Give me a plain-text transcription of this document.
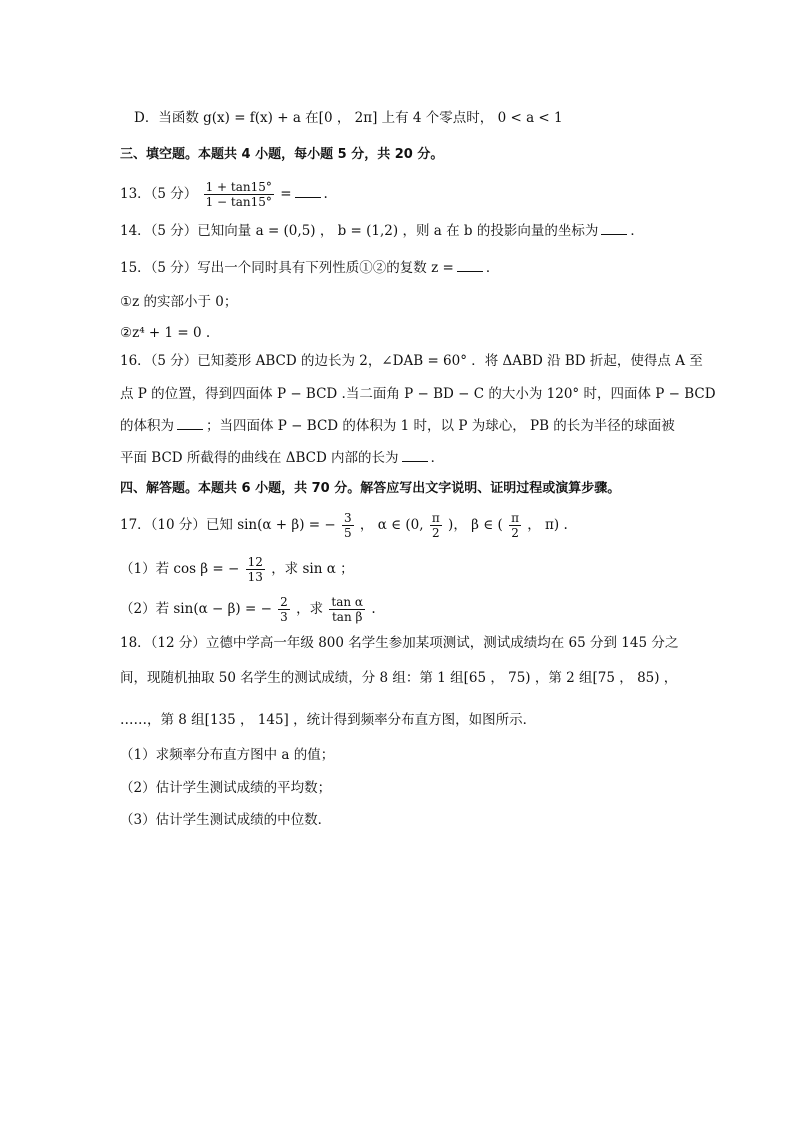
D．当函数 g(x) = f(x) + a 在[0 ， 2π] 上有 4 个零点时， 0 < a < 1
三、填空题。本题共 4 小题，每小题 5 分，共 20 分。
13．（5 分） $\frac{1 + \tan 15^\circ}{1 - \tan 15^\circ}$ = .
14．（5 分）已知向量 a = (0,5) ， b = (1,2) ，则 a 在 b 的投影向量的坐标为 ．
15．（5 分）写出一个同时具有下列性质①②的复数 z = ．
①z 的实部小于 0；
②z⁴ + 1 = 0 .
16．（5 分）已知菱形 ABCD 的边长为 2，∠DAB = 60° ．将 ΔABD 沿 BD 折起，使得点 A 至
点 P 的位置，得到四面体 P − BCD .当二面角 P − BD − C 的大小为 120° 时，四面体 P − BCD
的体积为 ；当四面体 P − BCD 的体积为 1 时，以 P 为球心， PB 的长为半径的球面被
平面 BCD 所截得的曲线在 ΔBCD 内部的长为 ．
四、解答题。本题共 6 小题，共 70 分。解答应写出文字说明、证明过程或演算步骤。
17．（10 分）已知 sin(α + β) = − $\frac{3}{5}$ ， α ∈ (0, $\frac{\pi}{2}$ )， β ∈ ( $\frac{\pi}{2}$ ， π) .
（1）若 cos β = − $\frac{12}{13}$ ，求 sin α ；
（2）若 sin(α − β) = − $\frac{2}{3}$ ，求 $\frac{\text{tan α}}{\text{tan β}}$ .
18．（12 分）立德中学高一年级 800 名学生参加某项测试，测试成绩均在 65 分到 145 分之
间，现随机抽取 50 名学生的测试成绩，分 8 组：第 1 组[65 ， 75) ，第 2 组[75 ， 85) ，
……，第 8 组[135 ， 145] ，统计得到频率分布直方图，如图所示．
（1）求频率分布直方图中 a 的值；
（2）估计学生测试成绩的平均数；
（3）估计学生测试成绩的中位数．
